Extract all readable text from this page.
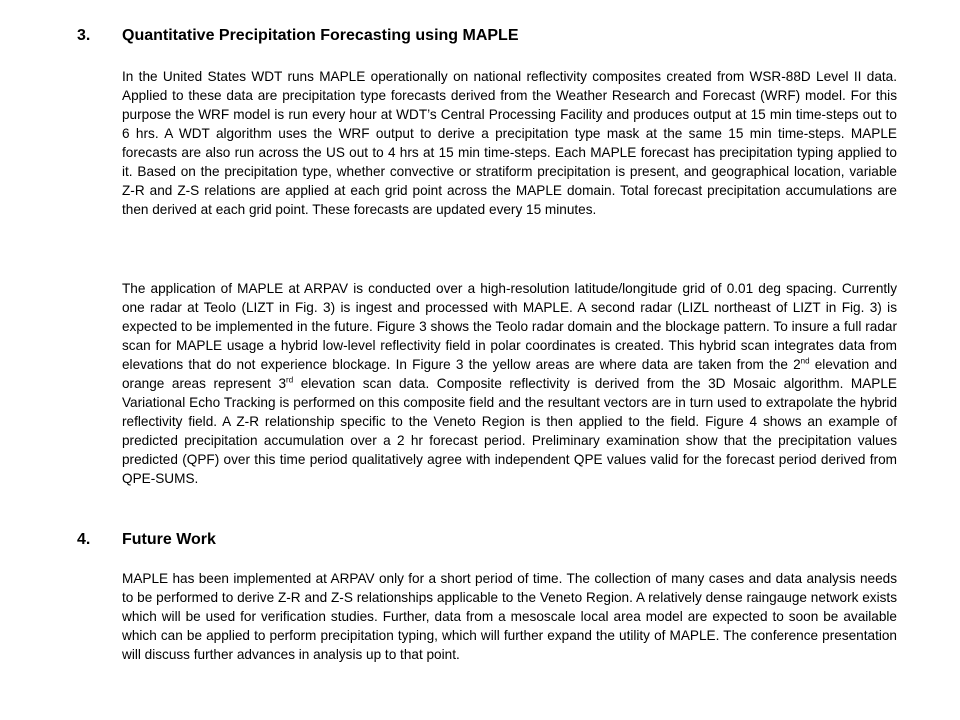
3. Quantitative Precipitation Forecasting using MAPLE

In the United States WDT runs MAPLE operationally on national reflectivity composites created from WSR-88D Level II data. Applied to these data are precipitation type forecasts derived from the Weather Research and Forecast (WRF) model. For this purpose the WRF model is run every hour at WDT’s Central Processing Facility and produces output at 15 min time-steps out to 6 hrs. A WDT algorithm uses the WRF output to derive a precipitation type mask at the same 15 min time-steps. MAPLE forecasts are also run across the US out to 4 hrs at 15 min time-steps. Each MAPLE forecast has precipitation typing applied to it. Based on the precipitation type, whether convective or stratiform precipitation is present, and geographical location, variable Z-R and Z-S relations are applied at each grid point across the MAPLE domain. Total forecast precipitation accumulations are then derived at each grid point. These forecasts are updated every 15 minutes.

The application of MAPLE at ARPAV is conducted over a high-resolution latitude/longitude grid of 0.01 deg spacing. Currently one radar at Teolo (LIZT in Fig. 3) is ingest and processed with MAPLE. A second radar (LIZL northeast of LIZT in Fig. 3) is expected to be implemented in the future. Figure 3 shows the Teolo radar domain and the blockage pattern. To insure a full radar scan for MAPLE usage a hybrid low-level reflectivity field in polar coordinates is created. This hybrid scan integrates data from elevations that do not experience blockage. In Figure 3 the yellow areas are where data are taken from the 2nd elevation and orange areas represent 3rd elevation scan data. Composite reflectivity is derived from the 3D Mosaic algorithm. MAPLE Variational Echo Tracking is performed on this composite field and the resultant vectors are in turn used to extrapolate the hybrid reflectivity field. A Z-R relationship specific to the Veneto Region is then applied to the field. Figure 4 shows an example of predicted precipitation accumulation over a 2 hr forecast period. Preliminary examination show that the precipitation values predicted (QPF) over this time period qualitatively agree with independent QPE values valid for the forecast period derived from QPE-SUMS.

4. Future Work

MAPLE has been implemented at ARPAV only for a short period of time. The collection of many cases and data analysis needs to be performed to derive Z-R and Z-S relationships applicable to the Veneto Region. A relatively dense raingauge network exists which will be used for verification studies. Further, data from a mesoscale local area model are expected to soon be available which can be applied to perform precipitation typing, which will further expand the utility of MAPLE. The conference presentation will discuss further advances in analysis up to that point.
